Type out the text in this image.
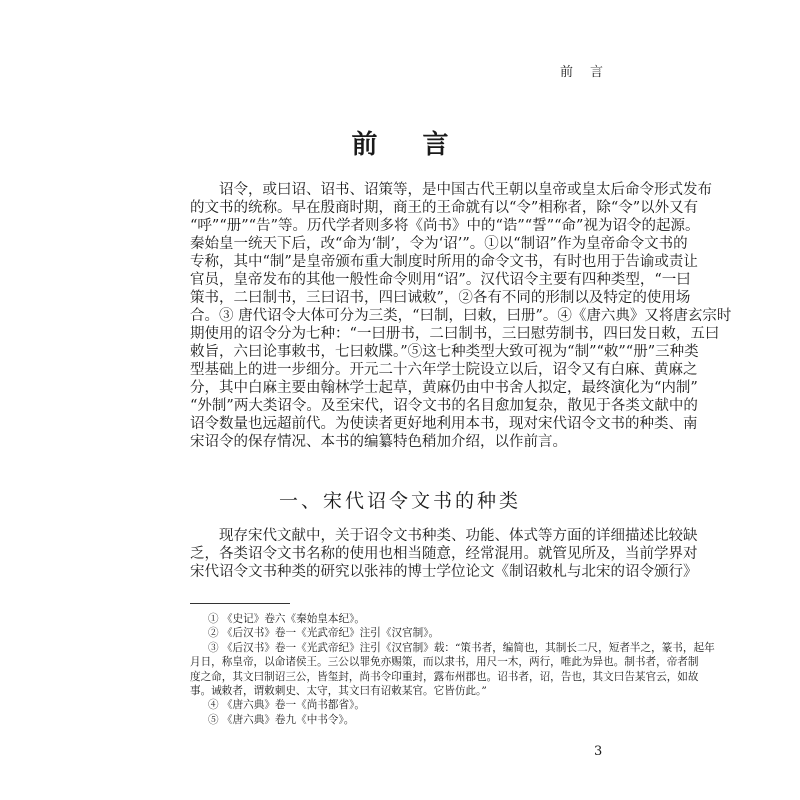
前 言
前 言
诏令，或曰诏、诏书、诏策等，是中国古代王朝以皇帝或皇太后命令形式发布
的文书的统称。早在殷商时期，商王的王命就有以“令”相称者，除“令”以外又有
“呼”“册”“告”等。历代学者则多将《尚书》中的“诰”“誓”“命”视为诏令的起源。
秦始皇一统天下后，改“命为‘制’，令为‘诏’”。①以“制诏”作为皇帝命令文书的
专称，其中“制”是皇帝颁布重大制度时所用的命令文书，有时也用于告谕或责让
官员，皇帝发布的其他一般性命令则用“诏”。汉代诏令主要有四种类型，“一曰
策书，二曰制书，三曰诏书，四曰诫敕”，②各有不同的形制以及特定的使用场
合。③ 唐代诏令大体可分为三类，“曰制，曰敕，曰册”。④《唐六典》又将唐玄宗时
期使用的诏令分为七种：“一曰册书，二曰制书，三曰慰劳制书，四曰发日敕，五曰
敕旨，六曰论事敕书，七曰敕牒。”⑤这七种类型大致可视为“制”“敕”“册”三种类
型基础上的进一步细分。开元二十六年学士院设立以后，诏令又有白麻、黄麻之
分，其中白麻主要由翰林学士起草，黄麻仍由中书舍人拟定，最终演化为“内制”
“外制”两大类诏令。及至宋代，诏令文书的名目愈加复杂，散见于各类文献中的
诏令数量也远超前代。为使读者更好地利用本书，现对宋代诏令文书的种类、南
宋诏令的保存情况、本书的编纂特色稍加介绍，以作前言。
一、宋代诏令文书的种类
现存宋代文献中，关于诏令文书种类、功能、体式等方面的详细描述比较缺
乏，各类诏令文书名称的使用也相当随意，经常混用。就管见所及，当前学界对
宋代诏令文书种类的研究以张祎的博士学位论文《制诏敕札与北宋的诏令颁行》
① 《史记》卷六《秦始皇本纪》。
② 《后汉书》卷一《光武帝纪》注引《汉官制》。
③ 《后汉书》卷一《光武帝纪》注引《汉官制》载：“策书者，编简也，其制长二尺，短者半之，篆书，起年
月日，称皇帝，以命诸侯王。三公以罪免亦赐策，而以隶书，用尺一木，两行，唯此为异也。制书者，帝者制
度之命，其文曰制诏三公，皆玺封，尚书令印重封，露布州郡也。诏书者，诏，告也，其文曰告某官云，如故
事。诫敕者，谓敕刺史、太守，其文曰有诏敕某官。它皆仿此。”
④ 《唐六典》卷一《尚书都省》。
⑤ 《唐六典》卷九《中书令》。
3
